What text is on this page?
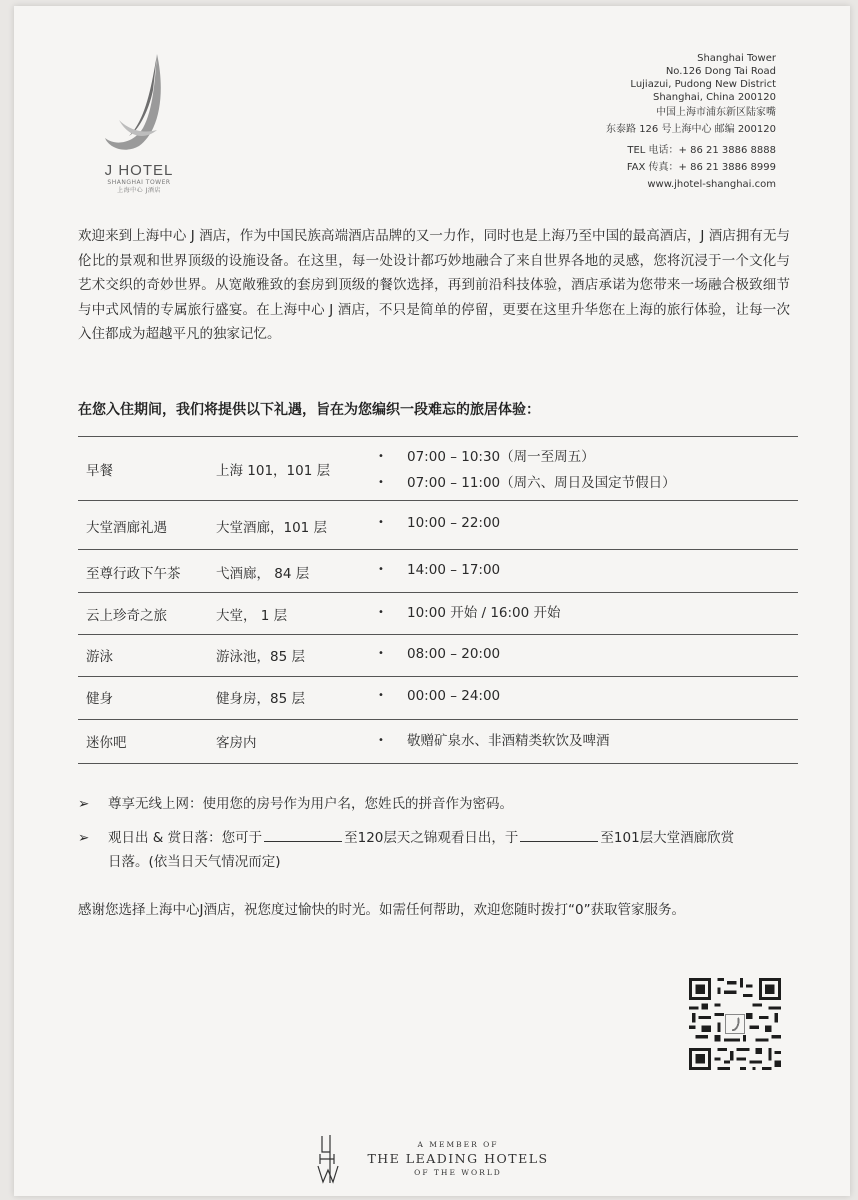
J HOTEL
SHANGHAI TOWER
上海中心 J酒店
Shanghai Tower
No.126 Dong Tai Road
Lujiazui, Pudong New District
Shanghai, China 200120
中国上海市浦东新区陆家嘴
东泰路 126 号上海中心 邮编 200120
TEL 电话：+ 86 21 3886 8888
FAX 传真：+ 86 21 3886 8999
www.jhotel-shanghai.com
欢迎来到上海中心 J 酒店，作为中国民族高端酒店品牌的又一力作，同时也是上海乃至中国的最高酒店，J 酒店拥有无与伦比的景观和世界顶级的设施设备。在这里，每一处设计都巧妙地融合了来自世界各地的灵感，您将沉浸于一个文化与艺术交织的奇妙世界。从宽敞雅致的套房到顶级的餐饮选择，再到前沿科技体验，酒店承诺为您带来一场融合极致细节与中式风情的专属旅行盛宴。在上海中心 J 酒店，不只是简单的停留，更要在这里升华您在上海的旅行体验，让每一次入住都成为超越平凡的独家记忆。
在您入住期间，我们将提供以下礼遇，旨在为您编织一段难忘的旅居体验：
早餐	上海 101，101 层
• 07:00 – 10:30（周一至周五）
• 07:00 – 11:00（周六、周日及国定节假日）
大堂酒廊礼遇	大堂酒廊，101 层	• 10:00 – 22:00
至尊行政下午茶	弋酒廊， 84 层	• 14:00 – 17:00
云上珍奇之旅	大堂， 1 层	• 10:00 开始 / 16:00 开始
游泳	游泳池，85 层	• 08:00 – 20:00
健身	健身房，85 层	• 00:00 – 24:00
迷你吧	客房内	• 敬赠矿泉水、非酒精类软饮及啤酒
➢ 尊享无线上网：使用您的房号作为用户名，您姓氏的拼音作为密码。
➢ 观日出 & 赏日落：您可于	至120层天之锦观看日出，于	至101层大堂酒廊欣赏
日落。(依当日天气情况而定)
感谢您选择上海中心J酒店，祝您度过愉快的时光。如需任何帮助，欢迎您随时拨打“0”获取管家服务。
A MEMBER OF
THE LEADING HOTELS
OF THE WORLD
